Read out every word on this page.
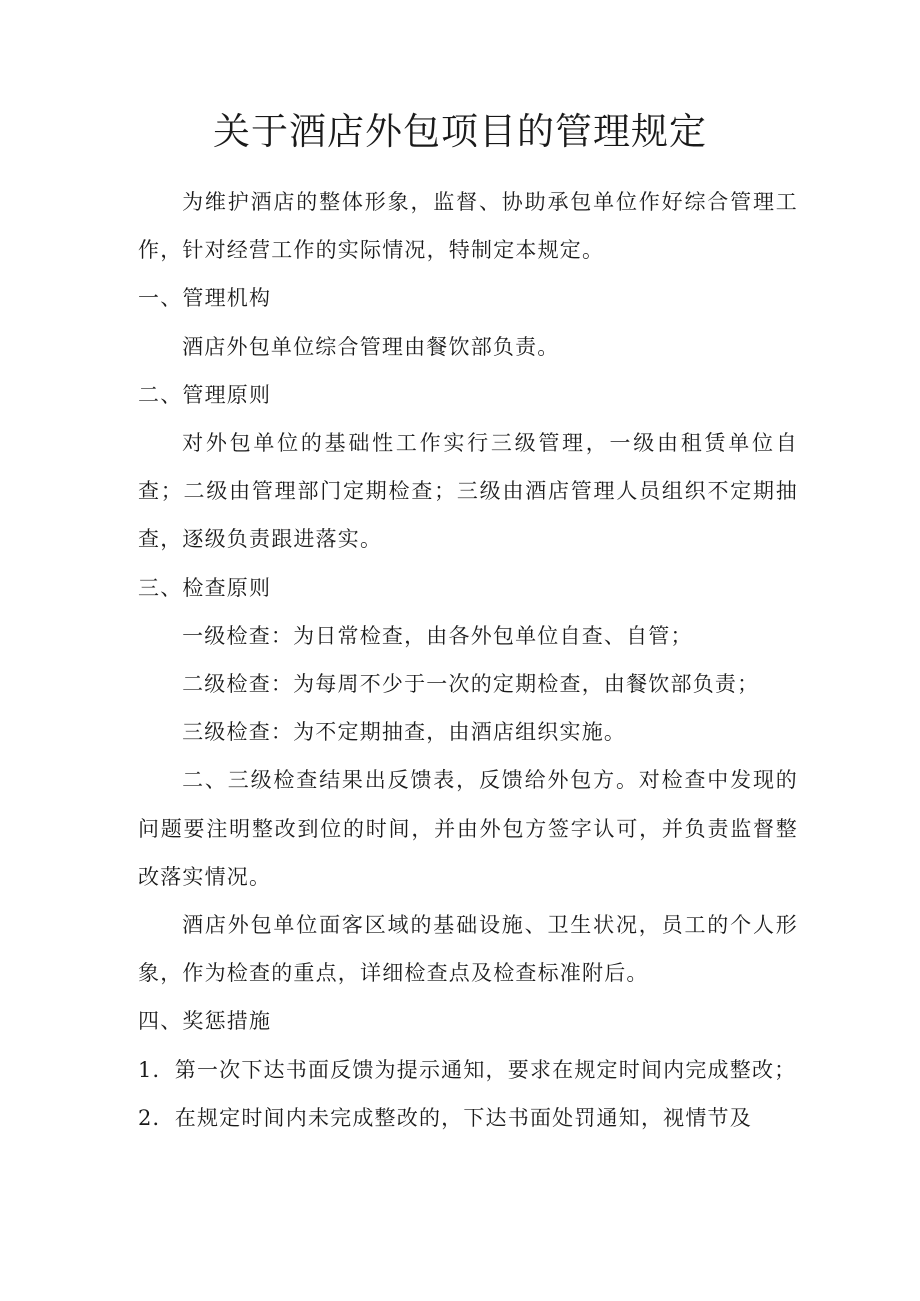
关于酒店外包项目的管理规定

为维护酒店的整体形象，监督、协助承包单位作好综合管理工作，针对经营工作的实际情况，特制定本规定。

一、管理机构

酒店外包单位综合管理由餐饮部负责。

二、管理原则

对外包单位的基础性工作实行三级管理，一级由租赁单位自查；二级由管理部门定期检查；三级由酒店管理人员组织不定期抽查，逐级负责跟进落实。

三、检查原则

一级检查：为日常检查，由各外包单位自查、自管；

二级检查：为每周不少于一次的定期检查，由餐饮部负责；

三级检查：为不定期抽查，由酒店组织实施。

二、三级检查结果出反馈表，反馈给外包方。对检查中发现的问题要注明整改到位的时间，并由外包方签字认可，并负责监督整改落实情况。

酒店外包单位面客区域的基础设施、卫生状况，员工的个人形象，作为检查的重点，详细检查点及检查标准附后。

四、奖惩措施

1．第一次下达书面反馈为提示通知，要求在规定时间内完成整改；

2．在规定时间内未完成整改的，下达书面处罚通知，视情节及
